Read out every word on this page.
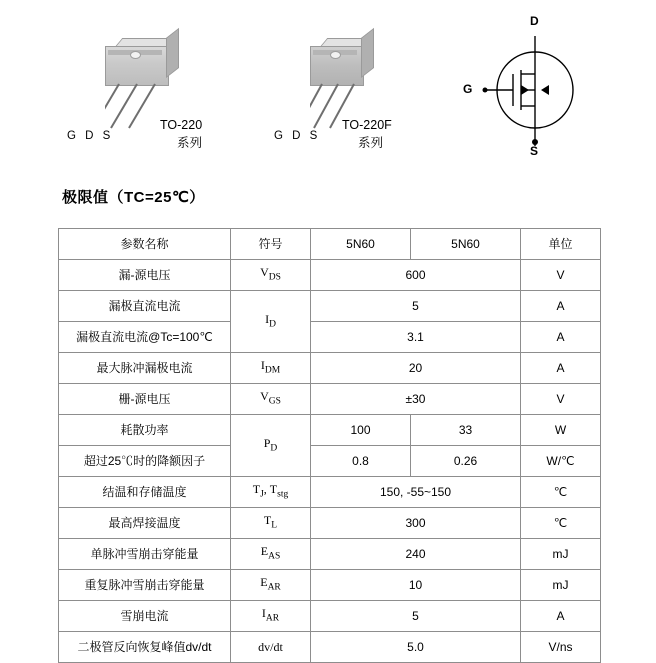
G D S
TO-220
系列	G D S
TO-220F
系列
D
G
S
极限值（TC=25℃）
参数名称	符号	5N60	5N60	单位
漏-源电压	$V_{DS}$	600		V
漏极直流电流	$I_D$	5		A
漏极直流电流@Tc=100℃		3.1		A
最大脉冲漏极电流	$I_{DM}$	20		A
栅-源电压	$V_{GS}$	±30		V
耗散功率	$P_D$	100	33	W
超过25℃时的降额因子		0.8	0.26	W/℃
结温和存储温度	$T_J$, $T_{stg}$	150, -55~150		℃
最高焊接温度	$T_L$	300		℃
单脉冲雪崩击穿能量	$E_{AS}$	240		mJ
重复脉冲雪崩击穿能量	$E_{AR}$	10		mJ
雪崩电流	$I_{AR}$	5		A
二极管反向恢复峰值dv/dt	dv/dt	5.0		V/ns
